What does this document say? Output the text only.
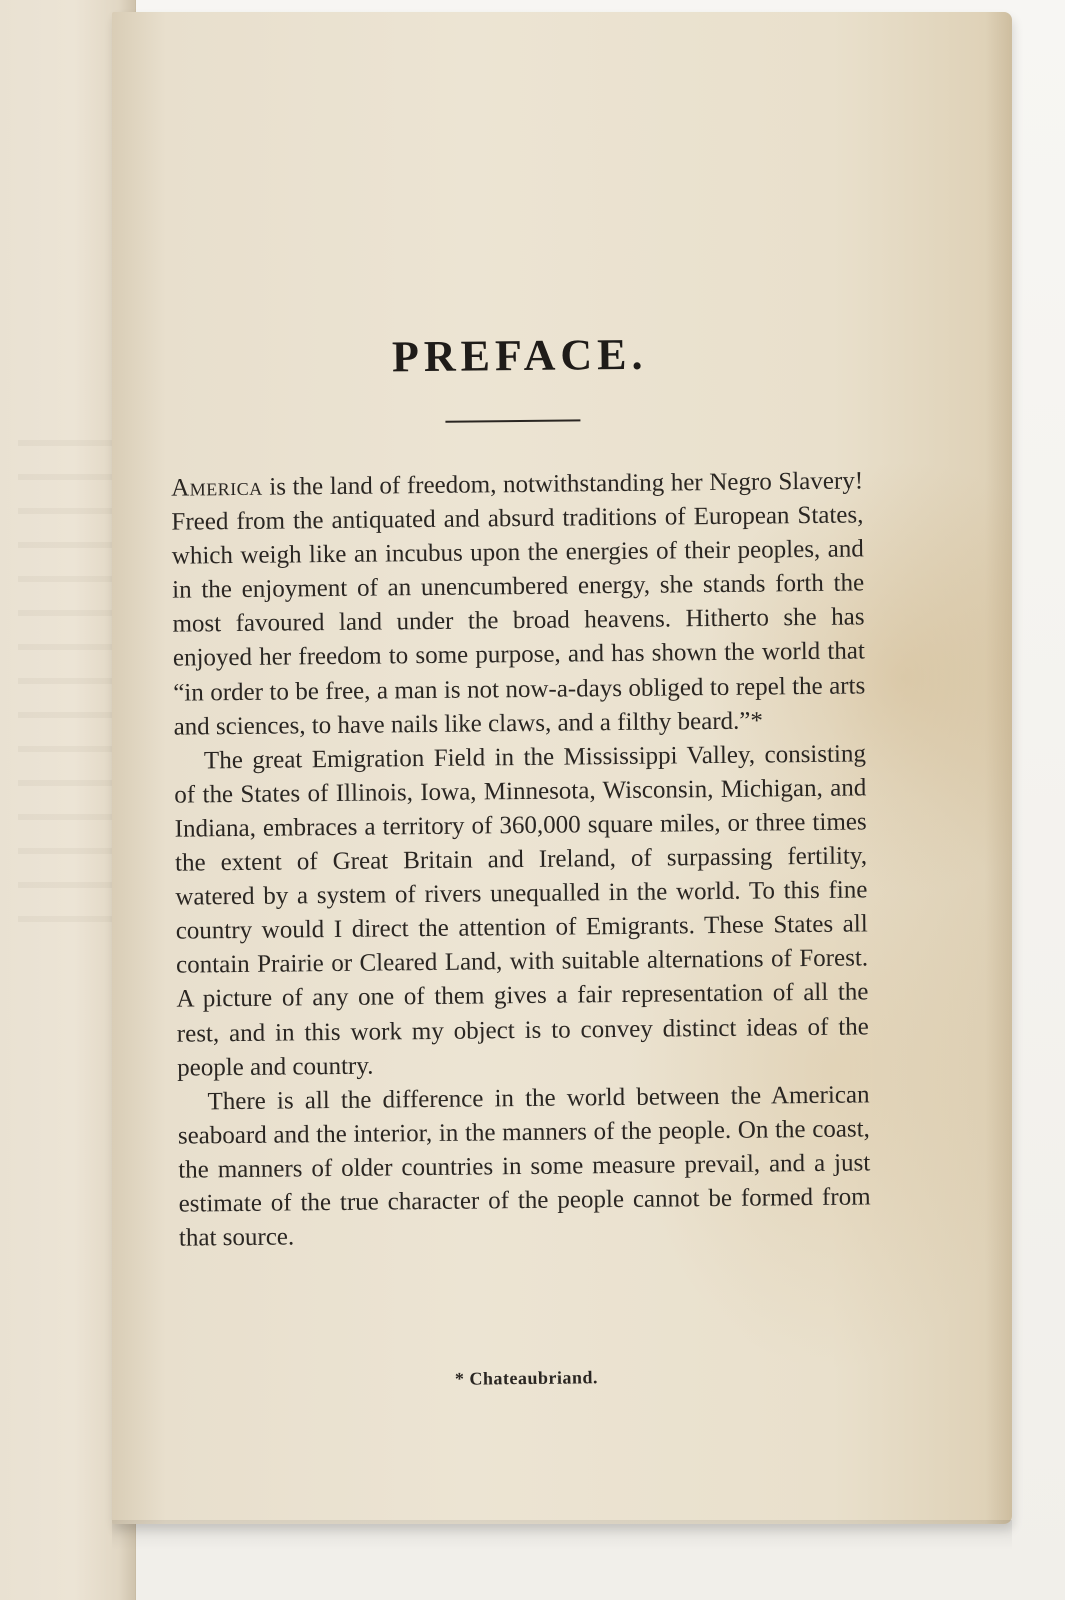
PREFACE.

America is the land of freedom, notwithstanding her Negro Slavery! Freed from the antiquated and absurd traditions of European States, which weigh like an incubus upon the energies of their peoples, and in the enjoyment of an unencumbered energy, she stands forth the most favoured land under the broad heavens. Hitherto she has enjoyed her freedom to some purpose, and has shown the world that “in order to be free, a man is not now-a-days obliged to repel the arts and sciences, to have nails like claws, and a filthy beard.”*

The great Emigration Field in the Mississippi Valley, consisting of the States of Illinois, Iowa, Minnesota, Wisconsin, Michigan, and Indiana, embraces a territory of 360,000 square miles, or three times the extent of Great Britain and Ireland, of surpassing fertility, watered by a system of rivers unequalled in the world. To this fine country would I direct the attention of Emigrants. These States all contain Prairie or Cleared Land, with suitable alternations of Forest. A picture of any one of them gives a fair representation of all the rest, and in this work my object is to convey distinct ideas of the people and country.

There is all the difference in the world between the American seaboard and the interior, in the manners of the people. On the coast, the manners of older countries in some measure prevail, and a just estimate of the true character of the people cannot be formed from that source.

* Chateaubriand.
